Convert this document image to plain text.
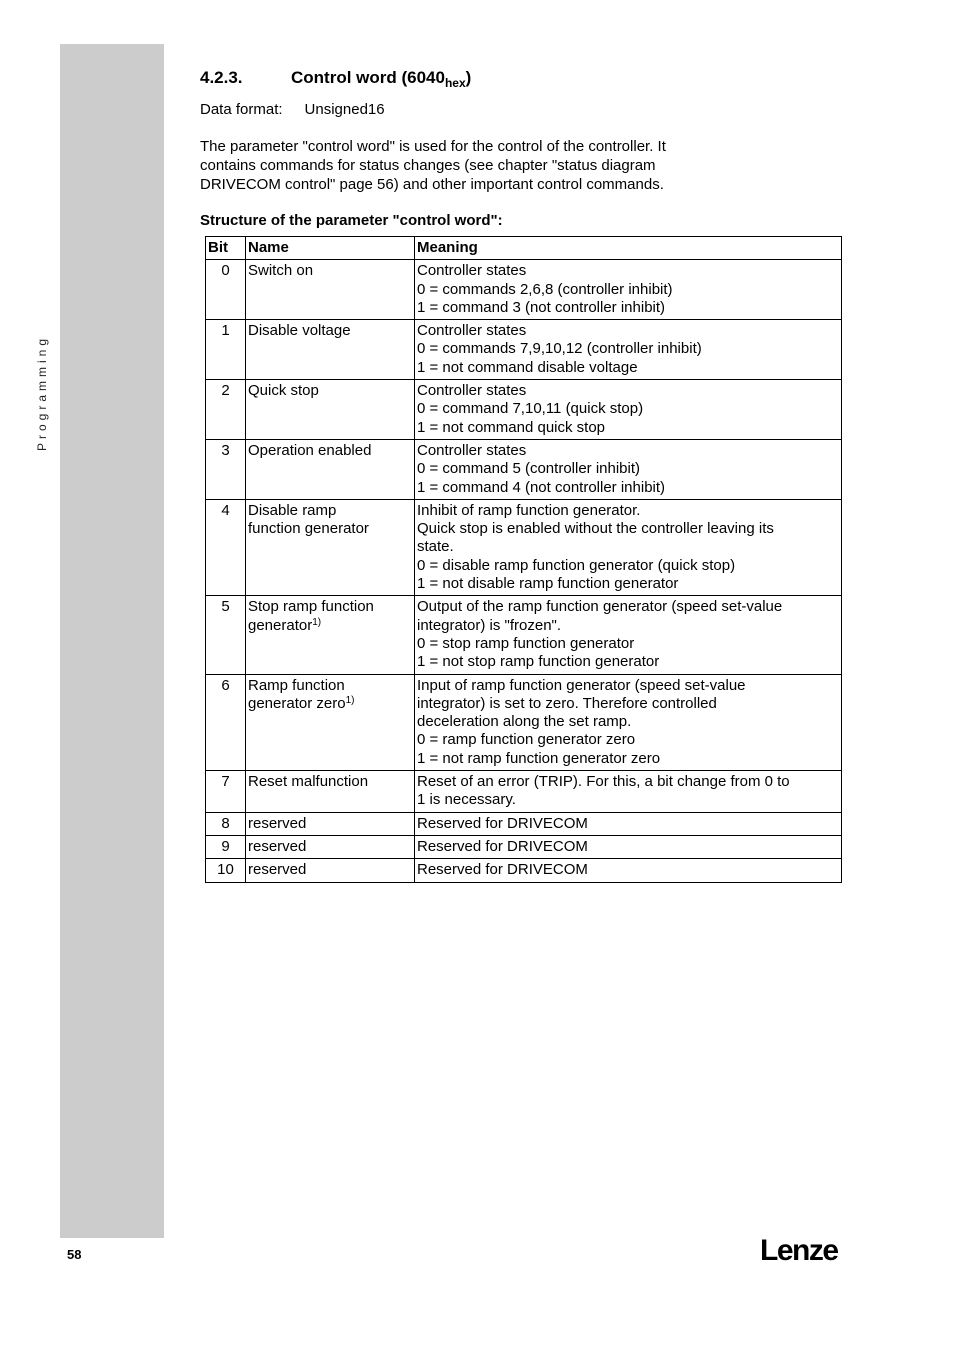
Programming
4.2.3.	Control word $(6040_{hex})$
Data format: Unsigned16

The parameter "control word" is used for the control of the controller. It
contains commands for status changes (see chapter "status diagram
DRIVECOM control" page 56) and other important control commands.

Structure of the parameter "control word":
Bit	Name	Meaning
0	Switch on	Controller states
0 = commands 2,6,8 (controller inhibit)
1 = command 3 (not controller inhibit)

1	Disable voltage	Controller states
0 = commands 7,9,10,12 (controller inhibit)
1 = not command disable voltage

2	Quick stop	Controller states
0 = command 7,10,11 (quick stop)
1 = not command quick stop

3	Operation enabled	Controller states
0 = command 5 (controller inhibit)
1 = command 4 (not controller inhibit)

4	Disable ramp
function generator	Inhibit of ramp function generator.
Quick stop is enabled without the controller leaving its
state.
0 = disable ramp function generator (quick stop)
1 = not disable ramp function generator

5	Stop ramp function
generator$^{1)}$	Output of the ramp function generator (speed set-value
integrator) is "frozen".
0 = stop ramp function generator
1 = not stop ramp function generator

6	Ramp function
generator zero$^{1)}$	Input of ramp function generator (speed set-value
integrator) is set to zero. Therefore controlled
deceleration along the set ramp.
0 = ramp function generator zero
1 = not ramp function generator zero

7	Reset malfunction	Reset of an error (TRIP). For this, a bit change from 0 to
1 is necessary.

8	reserved	Reserved for DRIVECOM

9	reserved	Reserved for DRIVECOM

10	reserved	Reserved for DRIVECOM
58	Lenze
